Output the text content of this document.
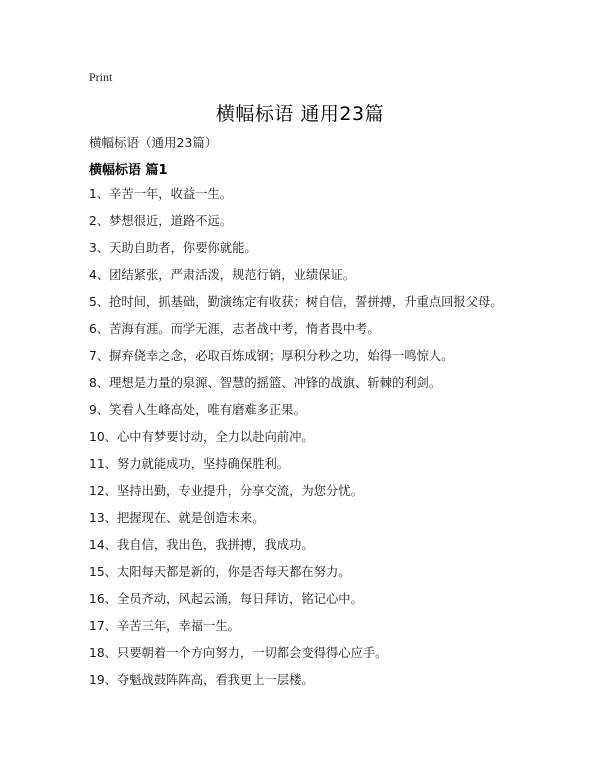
Print
横幅标语 通用23篇
横幅标语（通用23篇）
横幅标语 篇1
1、辛苦一年，收益一生。
2、梦想很近，道路不远。
3、天助自助者，你要你就能。
4、团结紧张，严肃活泼，规范行销，业绩保证。
5、抢时间，抓基础，勤演练定有收获；树自信，誓拼搏，升重点回报父母。
6、苦海有涯。而学无涯，志者战中考，惰者畏中考。
7、摒弃侥幸之念，必取百炼成钢；厚积分秒之功，始得一鸣惊人。
8、理想是力量的泉源、智慧的摇篮、冲锋的战旗、斩棘的利剑。
9、笑看人生峰高处，唯有磨难多正果。
10、心中有梦要讨动，全力以赴向前冲。
11、努力就能成功，坚持确保胜利。
12、坚持出勤，专业提升，分享交流，为您分忧。
13、把握现在、就是创造未来。
14、我自信，我出色，我拼搏，我成功。
15、太阳每天都是新的，你是否每天都在努力。
16、全员齐动，风起云涌，每日拜访，铭记心中。
17、辛苦三年，幸福一生。
18、只要朝着一个方向努力，一切都会变得得心应手。
19、夺魁战鼓阵阵高，看我更上一层楼。
